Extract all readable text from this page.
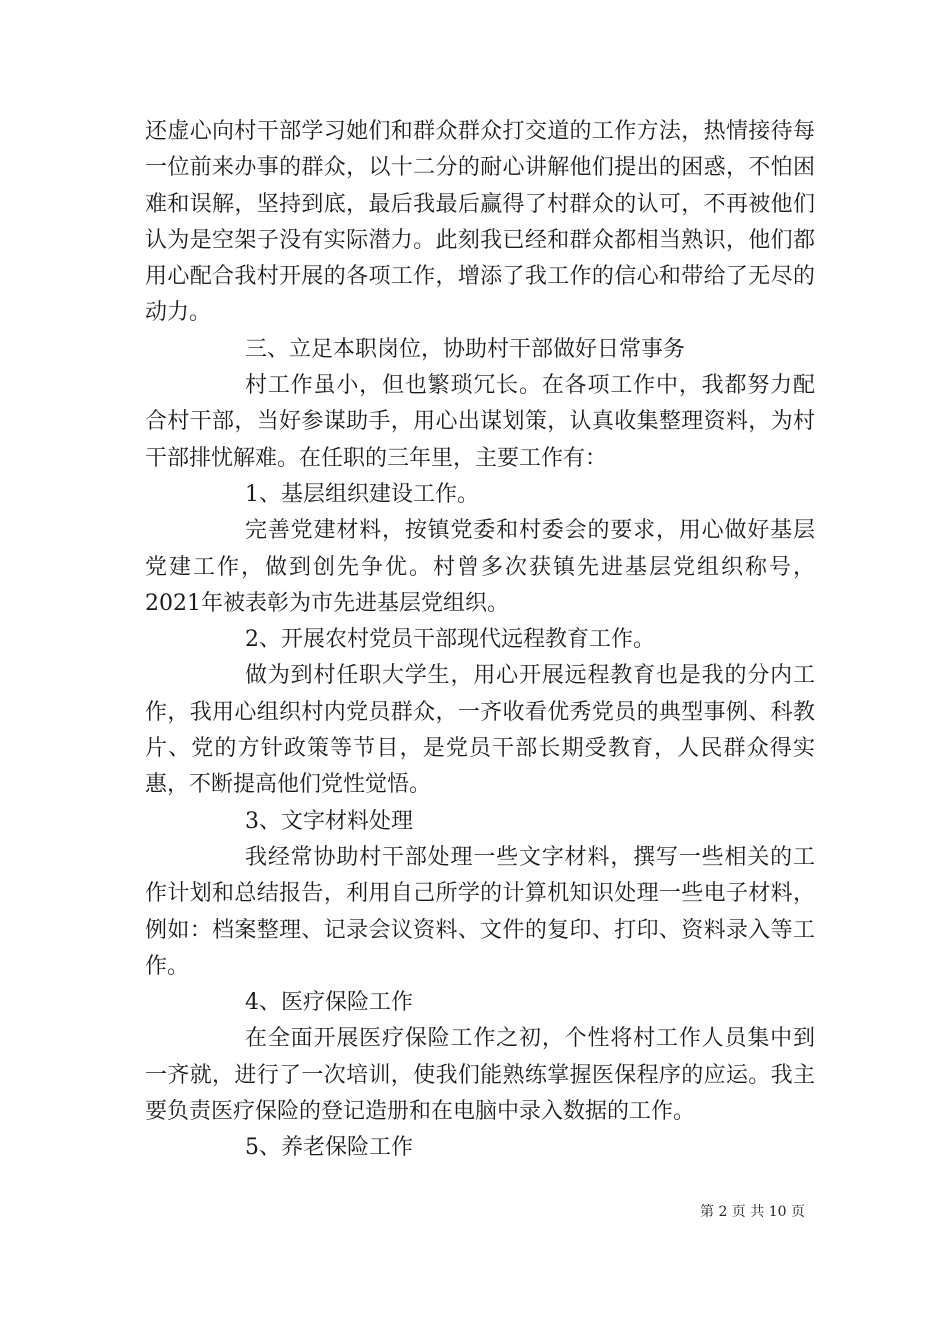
还虚心向村干部学习她们和群众群众打交道的工作方法，热情接待每一位前来办事的群众，以十二分的耐心讲解他们提出的困惑，不怕困难和误解，坚持到底，最后我最后赢得了村群众的认可，不再被他们认为是空架子没有实际潜力。此刻我已经和群众都相当熟识，他们都用心配合我村开展的各项工作，增添了我工作的信心和带给了无尽的动力。

三、立足本职岗位，协助村干部做好日常事务

村工作虽小，但也繁琐冗长。在各项工作中，我都努力配合村干部，当好参谋助手，用心出谋划策，认真收集整理资料，为村干部排忧解难。在任职的三年里，主要工作有：

1、基层组织建设工作。

完善党建材料，按镇党委和村委会的要求，用心做好基层党建工作，做到创先争优。村曾多次获镇先进基层党组织称号，2021年被表彰为市先进基层党组织。

2、开展农村党员干部现代远程教育工作。

做为到村任职大学生，用心开展远程教育也是我的分内工作，我用心组织村内党员群众，一齐收看优秀党员的典型事例、科教片、党的方针政策等节目，是党员干部长期受教育，人民群众得实惠，不断提高他们党性觉悟。

3、文字材料处理

我经常协助村干部处理一些文字材料，撰写一些相关的工作计划和总结报告，利用自己所学的计算机知识处理一些电子材料，例如：档案整理、记录会议资料、文件的复印、打印、资料录入等工作。

4、医疗保险工作

在全面开展医疗保险工作之初，个性将村工作人员集中到一齐就，进行了一次培训，使我们能熟练掌握医保程序的应运。我主要负责医疗保险的登记造册和在电脑中录入数据的工作。

5、养老保险工作

第 2 页 共 10 页
